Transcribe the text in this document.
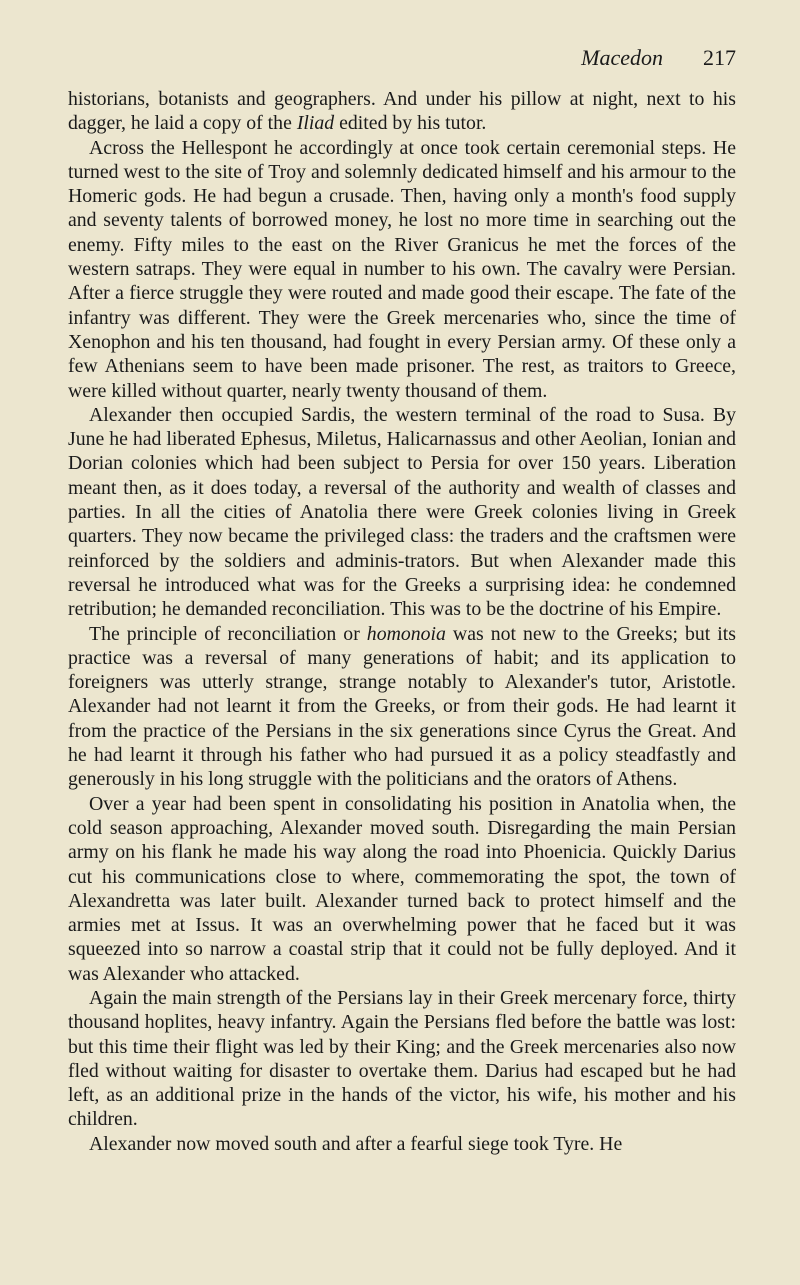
Macedon 217

historians, botanists and geographers. And under his pillow at night, next to his dagger, he laid a copy of the Iliad edited by his tutor.

Across the Hellespont he accordingly at once took certain ceremonial steps. He turned west to the site of Troy and solemnly dedicated himself and his armour to the Homeric gods. He had begun a crusade. Then, having only a month's food supply and seventy talents of borrowed money, he lost no more time in searching out the enemy. Fifty miles to the east on the River Granicus he met the forces of the western satraps. They were equal in number to his own. The cavalry were Persian. After a fierce struggle they were routed and made good their escape. The fate of the infantry was different. They were the Greek mercenaries who, since the time of Xenophon and his ten thousand, had fought in every Persian army. Of these only a few Athenians seem to have been made prisoner. The rest, as traitors to Greece, were killed without quarter, nearly twenty thousand of them.

Alexander then occupied Sardis, the western terminal of the road to Susa. By June he had liberated Ephesus, Miletus, Halicarnassus and other Aeolian, Ionian and Dorian colonies which had been subject to Persia for over 150 years. Liberation meant then, as it does today, a reversal of the authority and wealth of classes and parties. In all the cities of Anatolia there were Greek colonies living in Greek quarters. They now became the privileged class: the traders and the craftsmen were reinforced by the soldiers and adminis-trators. But when Alexander made this reversal he introduced what was for the Greeks a surprising idea: he condemned retribution; he demanded reconciliation. This was to be the doctrine of his Empire.

The principle of reconciliation or homonoia was not new to the Greeks; but its practice was a reversal of many generations of habit; and its application to foreigners was utterly strange, strange notably to Alexander's tutor, Aristotle. Alexander had not learnt it from the Greeks, or from their gods. He had learnt it from the practice of the Persians in the six generations since Cyrus the Great. And he had learnt it through his father who had pursued it as a policy steadfastly and generously in his long struggle with the politicians and the orators of Athens.

Over a year had been spent in consolidating his position in Anatolia when, the cold season approaching, Alexander moved south. Disregarding the main Persian army on his flank he made his way along the road into Phoenicia. Quickly Darius cut his communications close to where, commemorating the spot, the town of Alexandretta was later built. Alexander turned back to protect himself and the armies met at Issus. It was an overwhelming power that he faced but it was squeezed into so narrow a coastal strip that it could not be fully deployed. And it was Alexander who attacked.

Again the main strength of the Persians lay in their Greek mercenary force, thirty thousand hoplites, heavy infantry. Again the Persians fled before the battle was lost: but this time their flight was led by their King; and the Greek mercenaries also now fled without waiting for disaster to overtake them. Darius had escaped but he had left, as an additional prize in the hands of the victor, his wife, his mother and his children.

Alexander now moved south and after a fearful siege took Tyre. He
